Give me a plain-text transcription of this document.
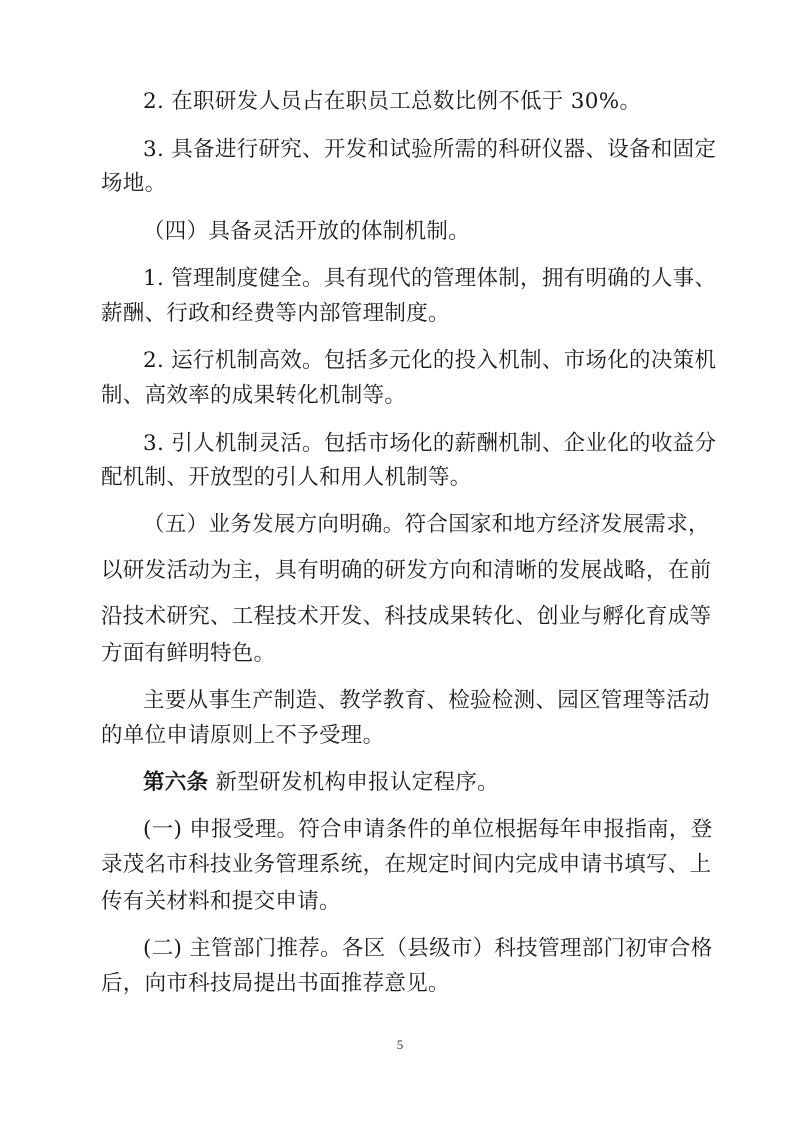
2. 在职研发人员占在职员工总数比例不低于 30%。
3. 具备进行研究、开发和试验所需的科研仪器、设备和固定
场地。
（四）具备灵活开放的体制机制。
1. 管理制度健全。具有现代的管理体制，拥有明确的人事、
薪酬、行政和经费等内部管理制度。
2. 运行机制高效。包括多元化的投入机制、市场化的决策机
制、高效率的成果转化机制等。
3. 引人机制灵活。包括市场化的薪酬机制、企业化的收益分
配机制、开放型的引人和用人机制等。
（五）业务发展方向明确。符合国家和地方经济发展需求，
以研发活动为主，具有明确的研发方向和清晰的发展战略，在前
沿技术研究、工程技术开发、科技成果转化、创业与孵化育成等
方面有鲜明特色。
主要从事生产制造、教学教育、检验检测、园区管理等活动
的单位申请原则上不予受理。
第六条 新型研发机构申报认定程序。
(一) 申报受理。符合申请条件的单位根据每年申报指南，登
录茂名市科技业务管理系统，在规定时间内完成申请书填写、上
传有关材料和提交申请。
(二) 主管部门推荐。各区（县级市）科技管理部门初审合格
后，向市科技局提出书面推荐意见。
5
